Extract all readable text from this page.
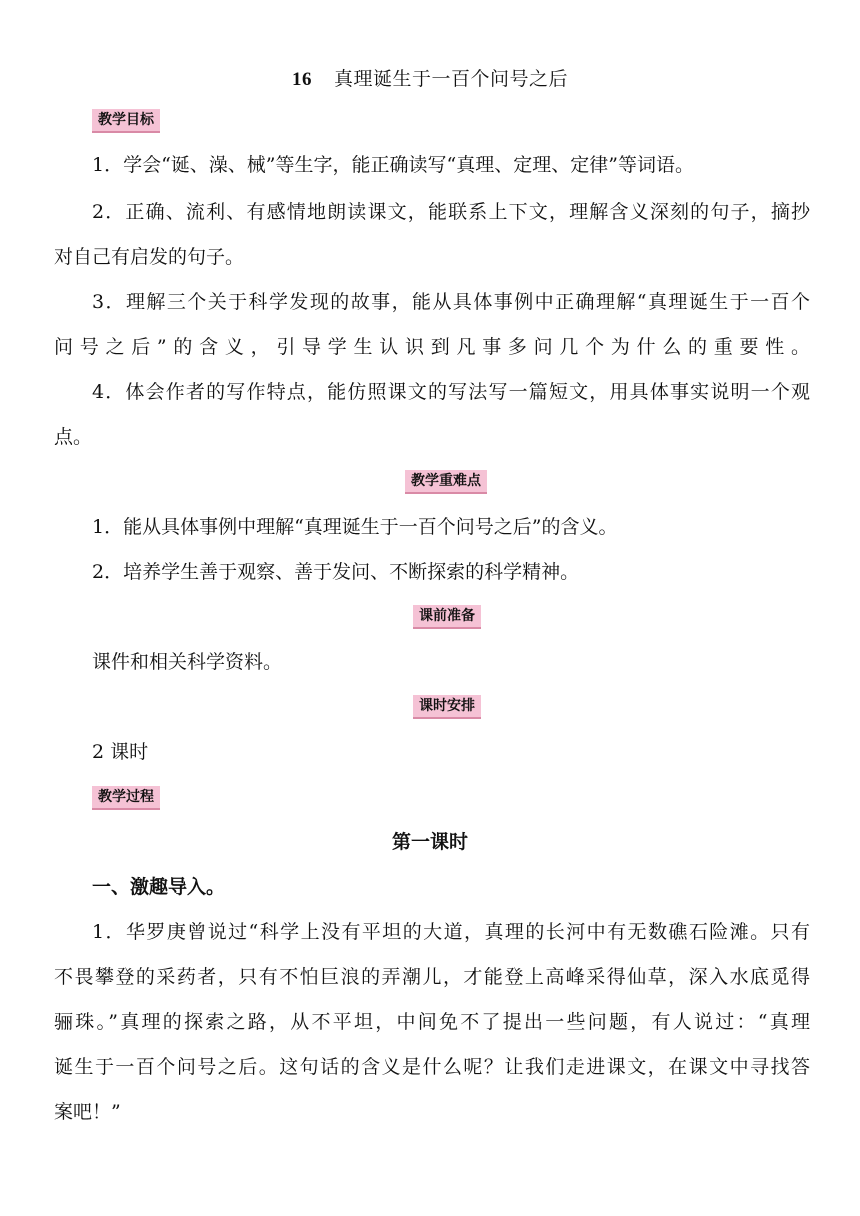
16 真理诞生于一百个问号之后
教学目标
1．学会“诞、澡、械”等生字，能正确读写“真理、定理、定律”等词语。
2．正确、流利、有感情地朗读课文，能联系上下文，理解含义深刻的句子，摘抄
对自己有启发的句子。
3．理解三个关于科学发现的故事，能从具体事例中正确理解“真理诞生于一百个
问号之后”的含义，引导学生认识到凡事多问几个为什么的重要性。
4．体会作者的写作特点，能仿照课文的写法写一篇短文，用具体事实说明一个观
点。
教学重难点
1．能从具体事例中理解“真理诞生于一百个问号之后”的含义。
2．培养学生善于观察、善于发问、不断探索的科学精神。
课前准备
课件和相关科学资料。
课时安排
2 课时
教学过程
第一课时
一、激趣导入。
1．华罗庚曾说过“科学上没有平坦的大道，真理的长河中有无数礁石险滩。只有
不畏攀登的采药者，只有不怕巨浪的弄潮儿，才能登上高峰采得仙草，深入水底觅得
骊珠。”真理的探索之路，从不平坦，中间免不了提出一些问题，有人说过：“真理
诞生于一百个问号之后。这句话的含义是什么呢？让我们走进课文，在课文中寻找答
案吧！”
